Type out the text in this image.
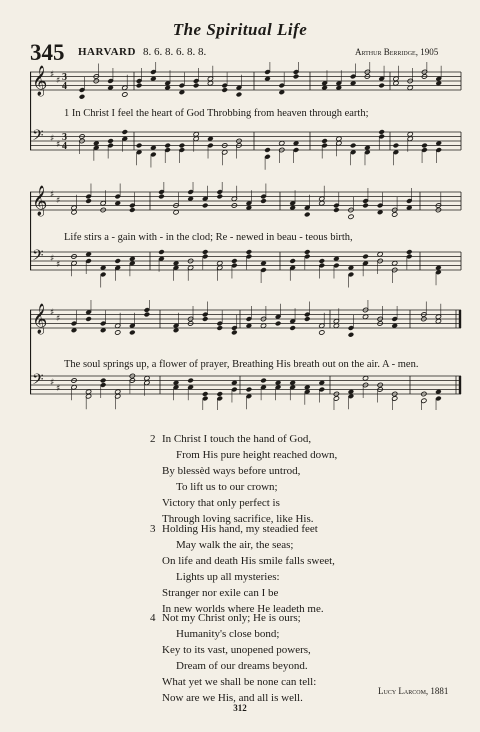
The Spiritual Life
345 HARVARD 8. 6. 8. 6. 8. 8.	Arthur Berridge, 1905
𝄞 ♯
♯ 3
4
𝄢 ♯
♯
3
4
1 In Christ I feel the heart of God Throbbing from heaven through earth;
𝄞 ♯
♯
𝄢 ♯
♯
Life stirs a - gain with - in the clod; Re - newed in beau - teous birth,
𝄞 ♯
♯
𝄢 ♯
♯
The soul springs up, a flower of prayer, Breathing His breath out on the air. A - men.
2 In Christ I touch the hand of God,
From His pure height reached down,
By blessèd ways before untrod,
To lift us to our crown;
Victory that only perfect is
Through loving sacrifice, like His.
3 Holding His hand, my steadied feet
May walk the air, the seas;
On life and death His smile falls sweet,
Lights up all mysteries:
Stranger nor exile can I be
In new worlds where He leadeth me.
4 Not my Christ only; He is ours;
Humanity's close bond;
Key to its vast, unopened powers,
Dream of our dreams beyond.
What yet we shall be none can tell:
Now are we His, and all is well.
Lucy Larcom, 1881
312
